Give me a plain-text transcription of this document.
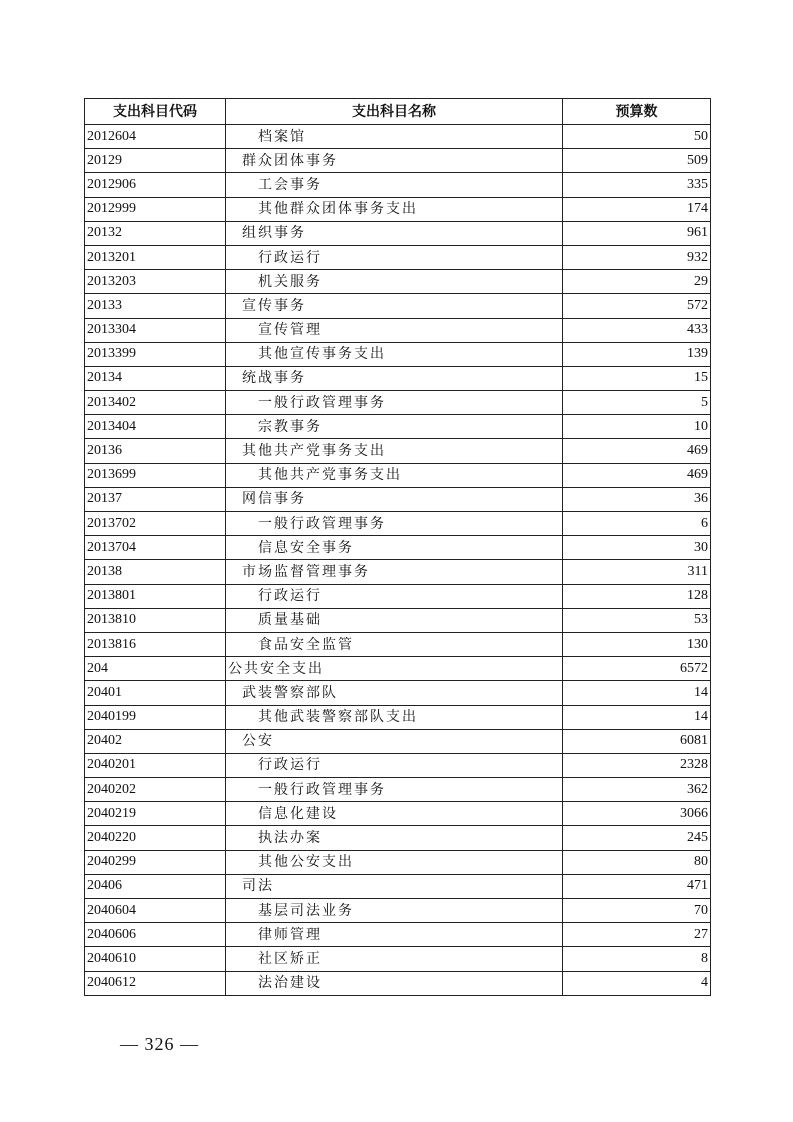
支出科目代码	支出科目名称	预算数
2012604	档案馆	50
20129	群众团体事务	509
2012906	工会事务	335
2012999	其他群众团体事务支出	174
20132	组织事务	961
2013201	行政运行	932
2013203	机关服务	29
20133	宣传事务	572
2013304	宣传管理	433
2013399	其他宣传事务支出	139
20134	统战事务	15
2013402	一般行政管理事务	5
2013404	宗教事务	10
20136	其他共产党事务支出	469
2013699	其他共产党事务支出	469
20137	网信事务	36
2013702	一般行政管理事务	6
2013704	信息安全事务	30
20138	市场监督管理事务	311
2013801	行政运行	128
2013810	质量基础	53
2013816	食品安全监管	130
204	公共安全支出	6572
20401	武装警察部队	14
2040199	其他武装警察部队支出	14
20402	公安	6081
2040201	行政运行	2328
2040202	一般行政管理事务	362
2040219	信息化建设	3066
2040220	执法办案	245
2040299	其他公安支出	80
20406	司法	471
2040604	基层司法业务	70
2040606	律师管理	27
2040610	社区矫正	8
2040612	法治建设	4
— 326 —
